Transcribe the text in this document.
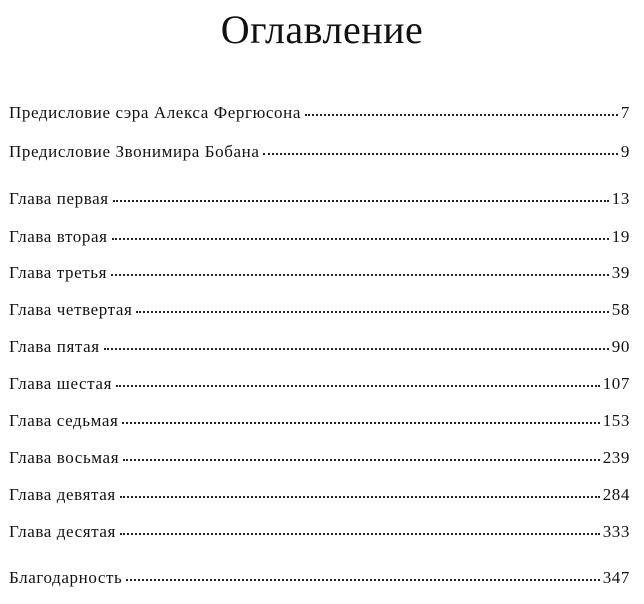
Оглавление
Предисловие сэра Алекса Фергюсона	7
Предисловие Звонимира Бобана	9
Глава первая	13
Глава вторая	19
Глава третья	39
Глава четвертая	58
Глава пятая	90
Глава шестая	107
Глава седьмая	153
Глава восьмая	239
Глава девятая	284
Глава десятая	333
Благодарность	347
